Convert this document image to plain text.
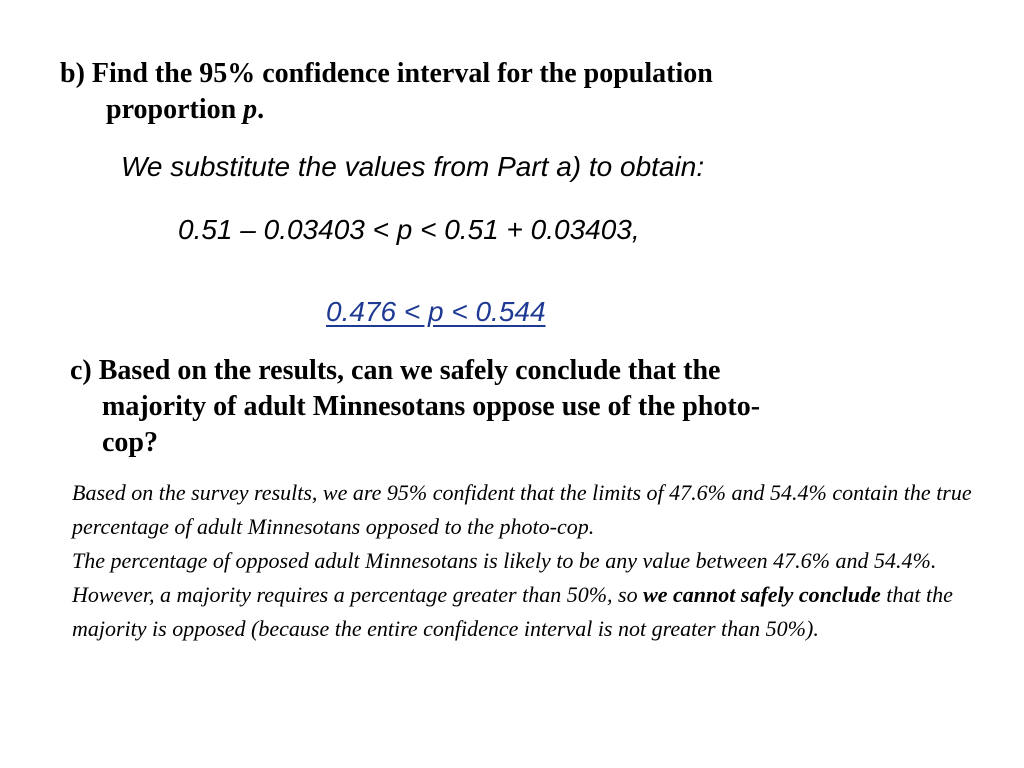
b) Find the 95% confidence interval for the population
proportion p.
We substitute the values from Part a) to obtain:
0.51 – 0.03403 < p < 0.51 + 0.03403,
0.476 < p < 0.544
c) Based on the results, can we safely conclude that the
majority of adult Minnesotans oppose use of the photo-
cop?

Based on the survey results, we are 95% confident that the limits of 47.6% and 54.4% contain the true percentage of adult Minnesotans opposed to the photo-cop.

The percentage of opposed adult Minnesotans is likely to be any value between 47.6% and 54.4%. However, a majority requires a percentage greater than 50%, so we cannot safely conclude that the majority is opposed (because the entire confidence interval is not greater than 50%).
